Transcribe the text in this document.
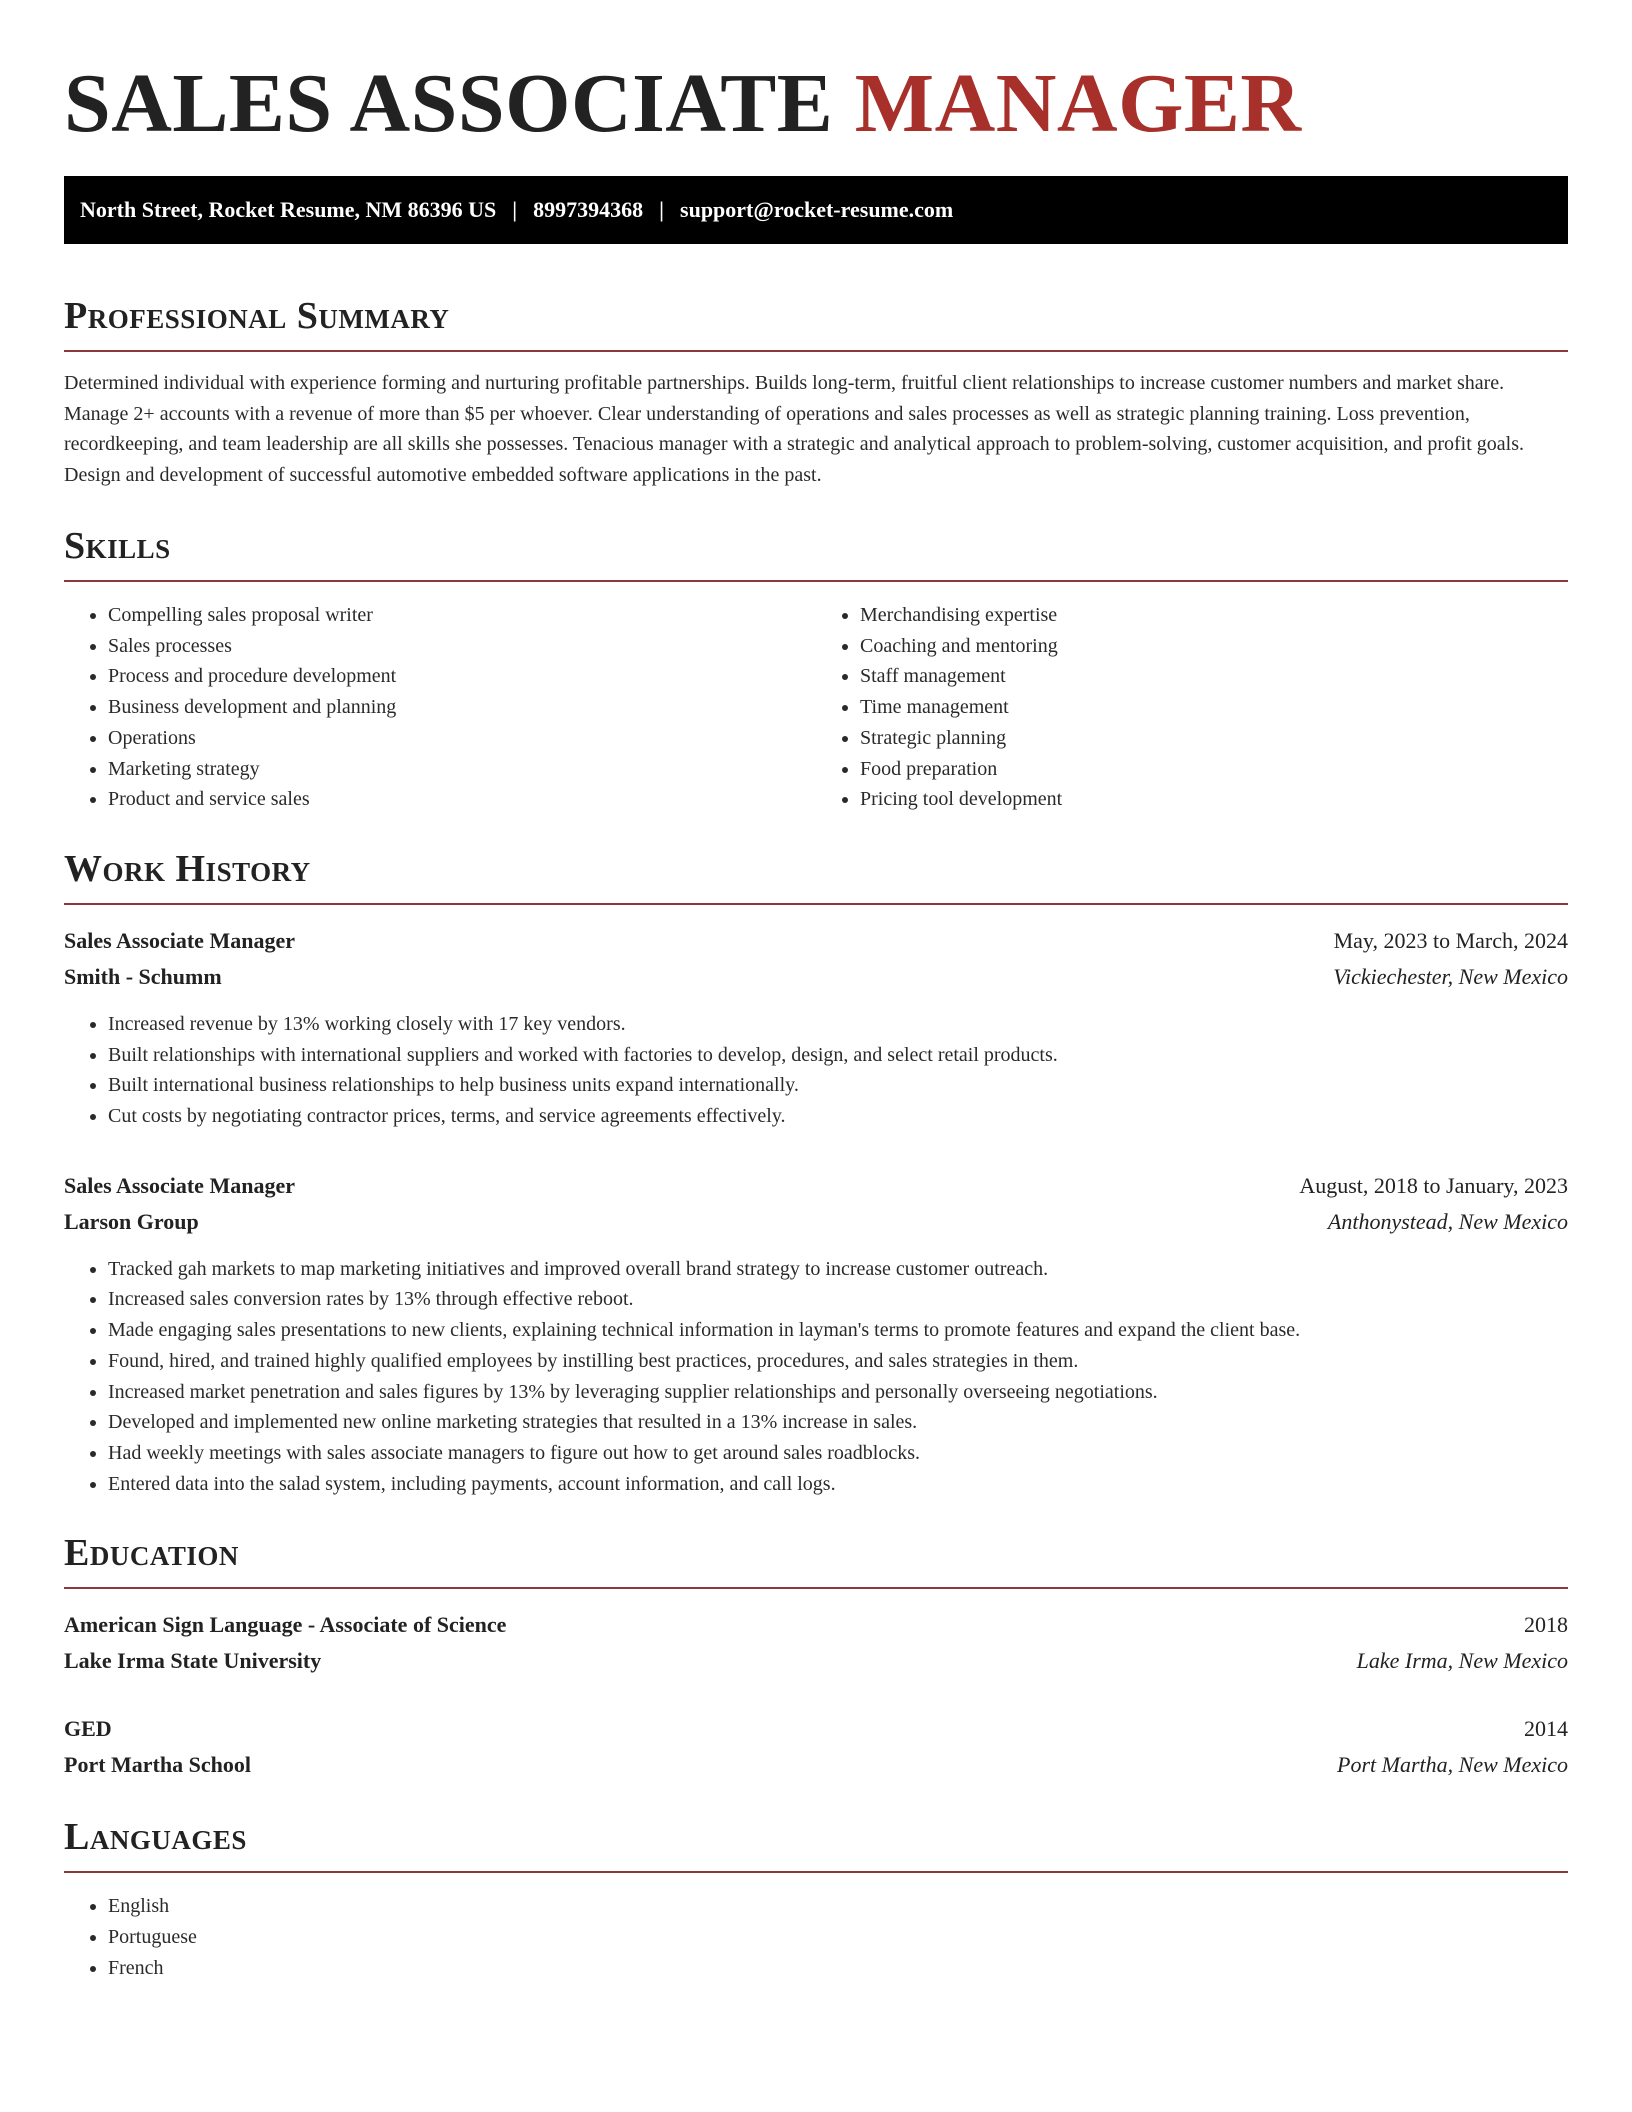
SALES ASSOCIATE MANAGER
North Street, Rocket Resume, NM 86396 US | 8997394368 | support@rocket-resume.com
Professional Summary

Determined individual with experience forming and nurturing profitable partnerships. Builds long-term, fruitful client relationships to increase customer numbers and market share. Manage 2+ accounts with a revenue of more than $5 per whoever. Clear understanding of operations and sales processes as well as strategic planning training. Loss prevention, recordkeeping, and team leadership are all skills she possesses. Tenacious manager with a strategic and analytical approach to problem-solving, customer acquisition, and profit goals. Design and development of successful automotive embedded software applications in the past.

Skills
• Compelling sales proposal writer
• Sales processes
• Process and procedure development
• Business development and planning
• Operations
• Marketing strategy
• Product and service sales
• Merchandising expertise
• Coaching and mentoring
• Staff management
• Time management
• Strategic planning
• Food preparation
• Pricing tool development
Work History
Sales Associate Manager	May, 2023 to March, 2024
Smith - Schumm	Vickiechester, New Mexico
• Increased revenue by 13% working closely with 17 key vendors.
• Built relationships with international suppliers and worked with factories to develop, design, and select retail products.
• Built international business relationships to help business units expand internationally.
• Cut costs by negotiating contractor prices, terms, and service agreements effectively.
Sales Associate Manager	August, 2018 to January, 2023
Larson Group	Anthonystead, New Mexico
• Tracked gah markets to map marketing initiatives and improved overall brand strategy to increase customer outreach.
• Increased sales conversion rates by 13% through effective reboot.
• Made engaging sales presentations to new clients, explaining technical information in layman's terms to promote features and expand the client base.
• Found, hired, and trained highly qualified employees by instilling best practices, procedures, and sales strategies in them.
• Increased market penetration and sales figures by 13% by leveraging supplier relationships and personally overseeing negotiations.
• Developed and implemented new online marketing strategies that resulted in a 13% increase in sales.
• Had weekly meetings with sales associate managers to figure out how to get around sales roadblocks.
• Entered data into the salad system, including payments, account information, and call logs.
Education
American Sign Language - Associate of Science	2018
Lake Irma State University	Lake Irma, New Mexico
GED	2014
Port Martha School	Port Martha, New Mexico
Languages
• English
• Portuguese
• French
